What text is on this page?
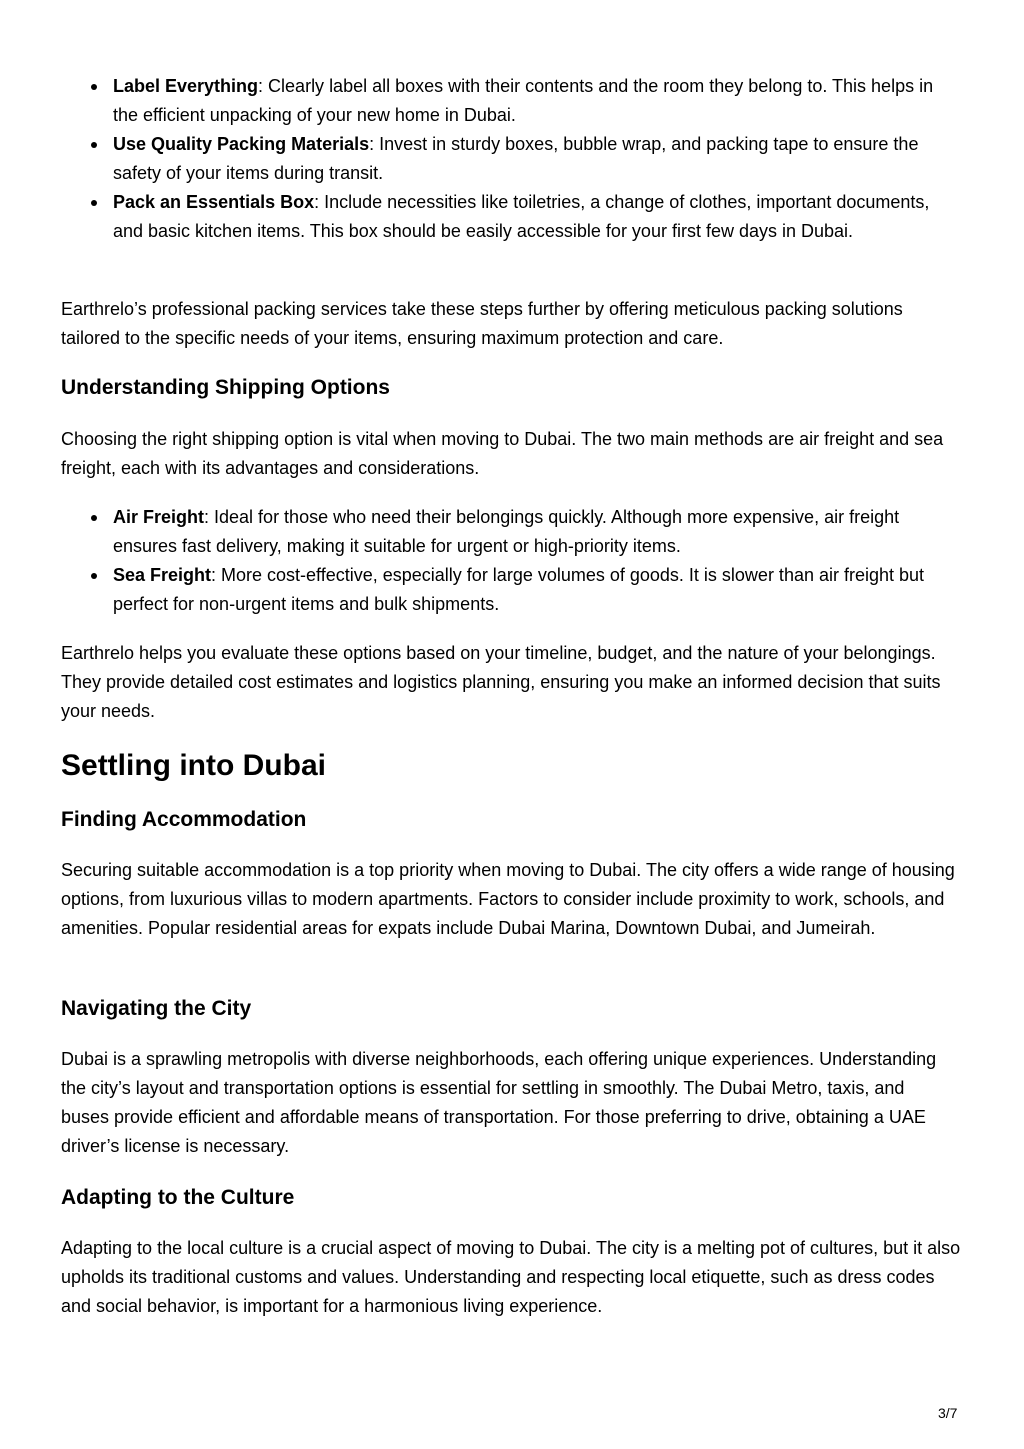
Label Everything: Clearly label all boxes with their contents and the room they belong to. This helps in the efficient unpacking of your new home in Dubai.
Use Quality Packing Materials: Invest in sturdy boxes, bubble wrap, and packing tape to ensure the safety of your items during transit.
Pack an Essentials Box: Include necessities like toiletries, a change of clothes, important documents, and basic kitchen items. This box should be easily accessible for your first few days in Dubai.

Earthrelo’s professional packing services take these steps further by offering meticulous packing solutions tailored to the specific needs of your items, ensuring maximum protection and care.

Understanding Shipping Options

Choosing the right shipping option is vital when moving to Dubai. The two main methods are air freight and sea freight, each with its advantages and considerations.

Air Freight: Ideal for those who need their belongings quickly. Although more expensive, air freight ensures fast delivery, making it suitable for urgent or high-priority items.
Sea Freight: More cost-effective, especially for large volumes of goods. It is slower than air freight but perfect for non-urgent items and bulk shipments.

Earthrelo helps you evaluate these options based on your timeline, budget, and the nature of your belongings. They provide detailed cost estimates and logistics planning, ensuring you make an informed decision that suits your needs.

Settling into Dubai
Finding Accommodation

Securing suitable accommodation is a top priority when moving to Dubai. The city offers a wide range of housing options, from luxurious villas to modern apartments. Factors to consider include proximity to work, schools, and amenities. Popular residential areas for expats include Dubai Marina, Downtown Dubai, and Jumeirah.

Navigating the City

Dubai is a sprawling metropolis with diverse neighborhoods, each offering unique experiences. Understanding the city’s layout and transportation options is essential for settling in smoothly. The Dubai Metro, taxis, and buses provide efficient and affordable means of transportation. For those preferring to drive, obtaining a UAE driver’s license is necessary.

Adapting to the Culture

Adapting to the local culture is a crucial aspect of moving to Dubai. The city is a melting pot of cultures, but it also upholds its traditional customs and values. Understanding and respecting local etiquette, such as dress codes and social behavior, is important for a harmonious living experience.

3/7
